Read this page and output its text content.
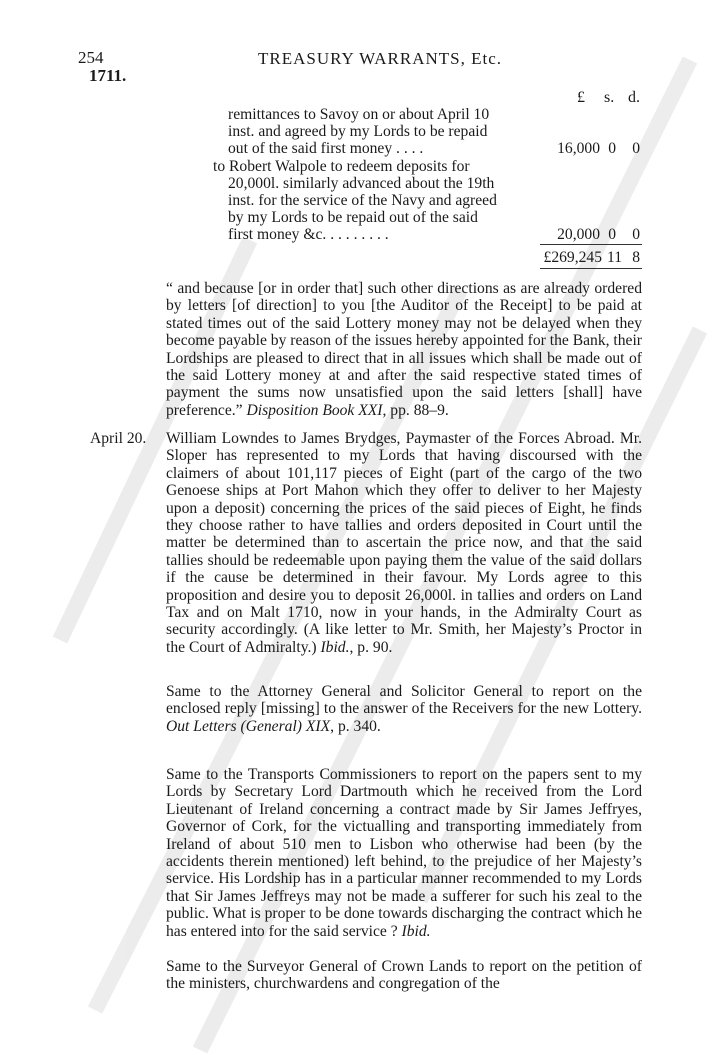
254
1711.
TREASURY WARRANTS, Etc.
£ s. d.
remittances to Savoy on or about April 10
inst. and agreed by my Lords to be repaid
out of the said first money . . . .	16,000 0 0
to Robert Walpole to redeem deposits for
20,000l. similarly advanced about the 19th
inst. for the service of the Navy and agreed
by my Lords to be repaid out of the said
first money &c. . . . . . . . .	20,000 0 0
£269,245 11 8

“ and because [or in order that] such other directions as are already ordered by letters [of direction] to you [the Auditor of the Receipt] to be paid at stated times out of the said Lottery money may not be delayed when they become payable by reason of the issues hereby appointed for the Bank, their Lordships are pleased to direct that in all issues which shall be made out of the said Lottery money at and after the said respective stated times of payment the sums now unsatisfied upon the said letters [shall] have preference.” Disposition Book XXI, pp. 88–9.

April 20. William Lowndes to James Brydges, Paymaster of the Forces Abroad. Mr. Sloper has represented to my Lords that having discoursed with the claimers of about 101,117 pieces of Eight (part of the cargo of the two Genoese ships at Port Mahon which they offer to deliver to her Majesty upon a deposit) concerning the prices of the said pieces of Eight, he finds they choose rather to have tallies and orders deposited in Court until the matter be determined than to ascertain the price now, and that the said tallies should be redeemable upon paying them the value of the said dollars if the cause be determined in their favour. My Lords agree to this proposition and desire you to deposit 26,000l. in tallies and orders on Land Tax and on Malt 1710, now in your hands, in the Admiralty Court as security accordingly. (A like letter to Mr. Smith, her Majesty’s Proctor in the Court of Admiralty.) Ibid., p. 90.

Same to the Attorney General and Solicitor General to report on the enclosed reply [missing] to the answer of the Receivers for the new Lottery. Out Letters (General) XIX, p. 340.

Same to the Transports Commissioners to report on the papers sent to my Lords by Secretary Lord Dartmouth which he received from the Lord Lieutenant of Ireland concerning a contract made by Sir James Jeffryes, Governor of Cork, for the victualling and transporting immediately from Ireland of about 510 men to Lisbon who otherwise had been (by the accidents therein mentioned) left behind, to the prejudice of her Majesty’s service. His Lordship has in a particular manner recommended to my Lords that Sir James Jeffreys may not be made a sufferer for such his zeal to the public. What is proper to be done towards discharging the contract which he has entered into for the said service ? Ibid.

Same to the Surveyor General of Crown Lands to report on the petition of the ministers, churchwardens and congregation of the
